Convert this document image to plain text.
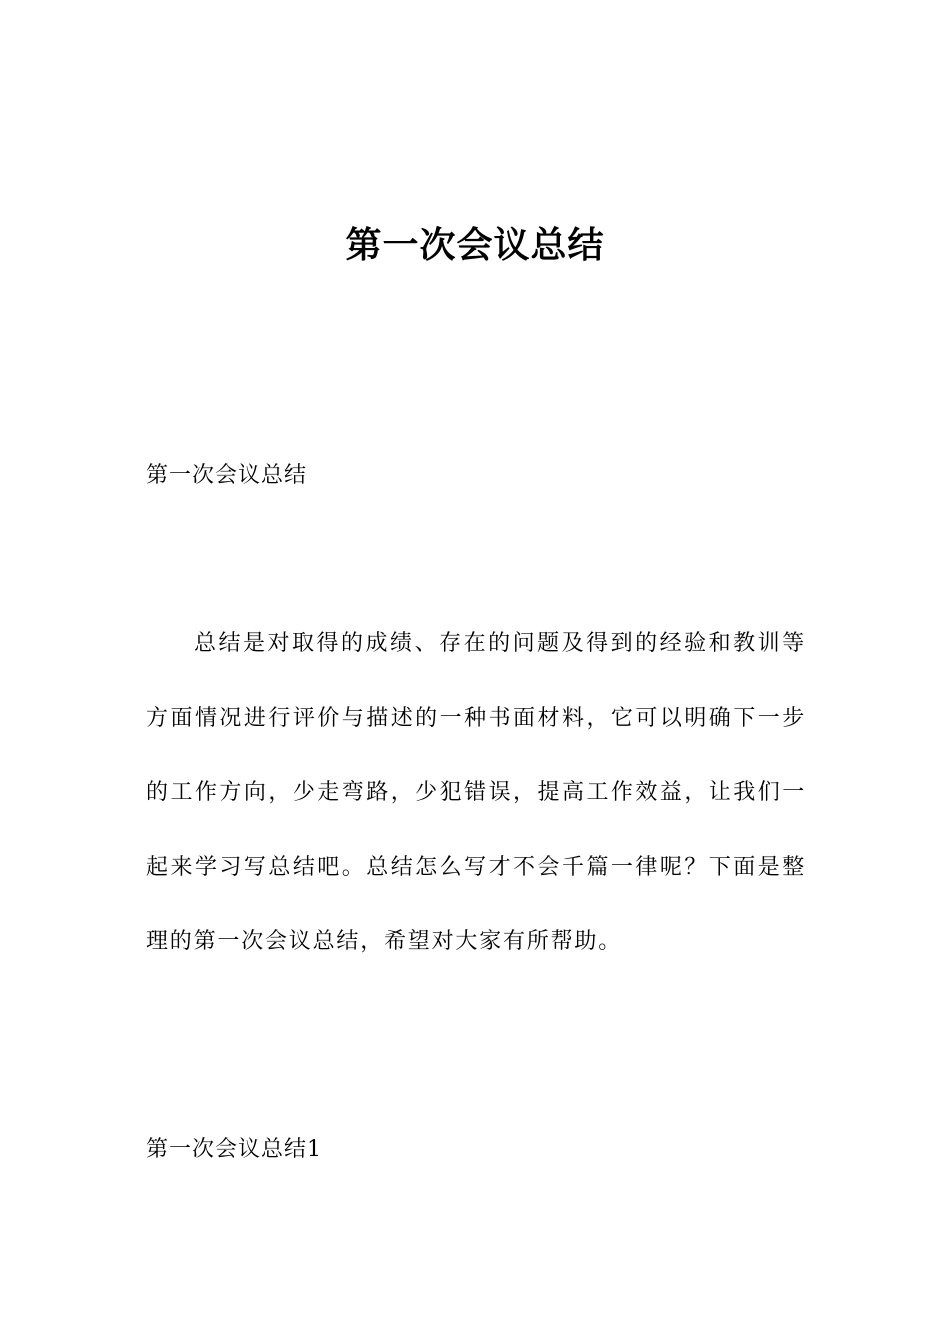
第一次会议总结
第一次会议总结

总结是对取得的成绩、存在的问题及得到的经验和教训等方面情况进行评价与描述的一种书面材料，它可以明确下一步的工作方向，少走弯路，少犯错误，提高工作效益，让我们一起来学习写总结吧。总结怎么写才不会千篇一律呢？下面是整理的第一次会议总结，希望对大家有所帮助。

第一次会议总结1
